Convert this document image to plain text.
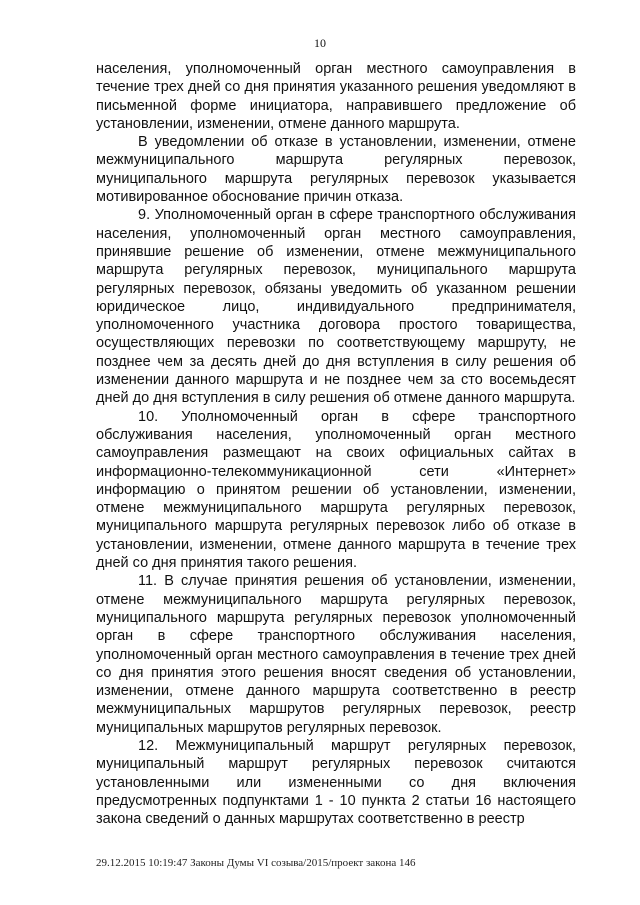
10

населения, уполномоченный орган местного самоуправления в течение трех дней со дня принятия указанного решения уведомляют в письменной форме инициатора, направившего предложение об установлении, изменении, отмене данного маршрута.

В уведомлении об отказе в установлении, изменении, отмене межмуниципального маршрута регулярных перевозок, муниципального маршрута регулярных перевозок указывается мотивированное обоснование причин отказа.

9. Уполномоченный орган в сфере транспортного обслуживания населения, уполномоченный орган местного самоуправления, принявшие решение об изменении, отмене межмуниципального маршрута регулярных перевозок, муниципального маршрута регулярных перевозок, обязаны уведомить об указанном решении юридическое лицо, индивидуального предпринимателя, уполномоченного участника договора простого товарищества, осуществляющих перевозки по соответствующему маршруту, не позднее чем за десять дней до дня вступления в силу решения об изменении данного маршрута и не позднее чем за сто восемьдесят дней до дня вступления в силу решения об отмене данного маршрута.

10. Уполномоченный орган в сфере транспортного обслуживания населения, уполномоченный орган местного самоуправления размещают на своих официальных сайтах в информационно-телекоммуникационной сети «Интернет» информацию о принятом решении об установлении, изменении, отмене межмуниципального маршрута регулярных перевозок, муниципального маршрута регулярных перевозок либо об отказе в установлении, изменении, отмене данного маршрута в течение трех дней со дня принятия такого решения.

11. В случае принятия решения об установлении, изменении, отмене межмуниципального маршрута регулярных перевозок, муниципального маршрута регулярных перевозок уполномоченный орган в сфере транспортного обслуживания населения, уполномоченный орган местного самоуправления в течение трех дней со дня принятия этого решения вносят сведения об установлении, изменении, отмене данного маршрута соответственно в реестр межмуниципальных маршрутов регулярных перевозок, реестр муниципальных маршрутов регулярных перевозок.

12. Межмуниципальный маршрут регулярных перевозок, муниципальный маршрут регулярных перевозок считаются установленными или измененными со дня включения предусмотренных подпунктами 1 - 10 пункта 2 статьи 16 настоящего закона сведений о данных маршрутах соответственно в реестр

29.12.2015 10:19:47 Законы Думы VI созыва/2015/проект закона 146
